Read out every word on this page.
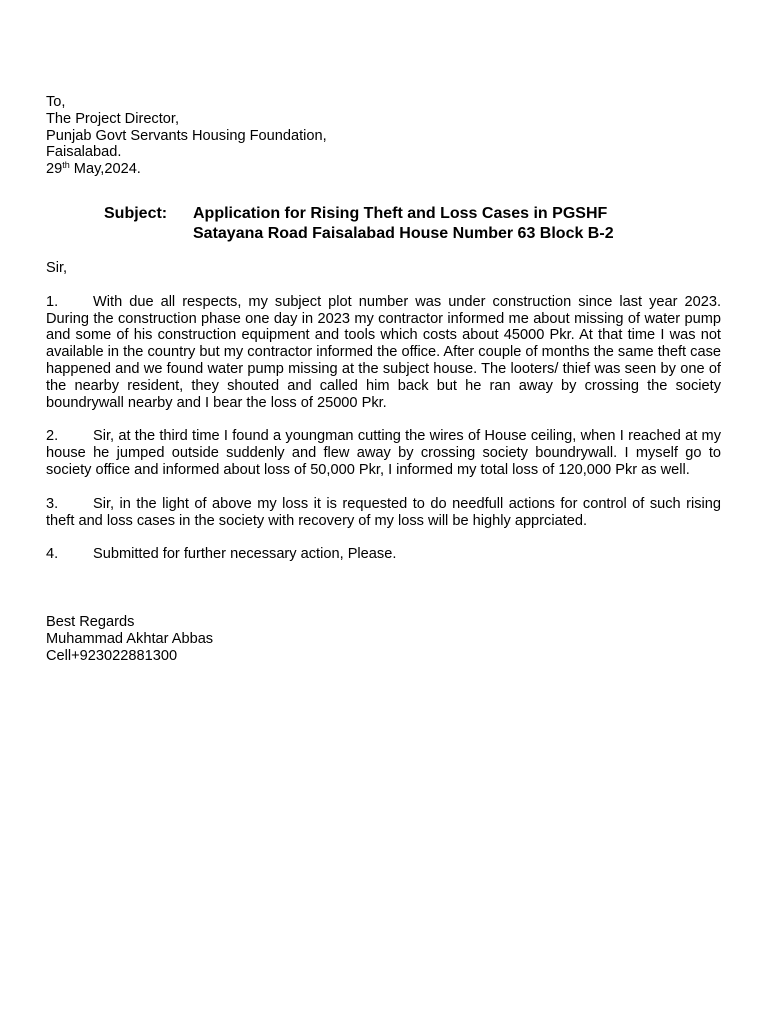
To,
The Project Director,
Punjab Govt Servants Housing Foundation,
Faisalabad.
29th May,2024.
Subject: Application for Rising Theft and Loss Cases in PGSHF
Satayana Road Faisalabad House Number 63 Block B-2
Sir,
1. With due all respects, my subject plot number was under construction since last year 2023. During the construction phase one day in 2023 my contractor informed me about missing of water pump and some of his construction equipment and tools which costs about 45000 Pkr. At that time I was not available in the country but my contractor informed the office. After couple of months the same theft case happened and we found water pump missing at the subject house. The looters/ thief was seen by one of the nearby resident, they shouted and called him back but he ran away by crossing the society boundrywall nearby and I bear the loss of 25000 Pkr.
2. Sir, at the third time I found a youngman cutting the wires of House ceiling, when I reached at my house he jumped outside suddenly and flew away by crossing society boundrywall. I myself go to society office and informed about loss of 50,000 Pkr, I informed my total loss of 120,000 Pkr as well.
3. Sir, in the light of above my loss it is requested to do needfull actions for control of such rising theft and loss cases in the society with recovery of my loss will be highly apprciated.
4. Submitted for further necessary action, Please.
Best Regards
Muhammad Akhtar Abbas
Cell+923022881300
